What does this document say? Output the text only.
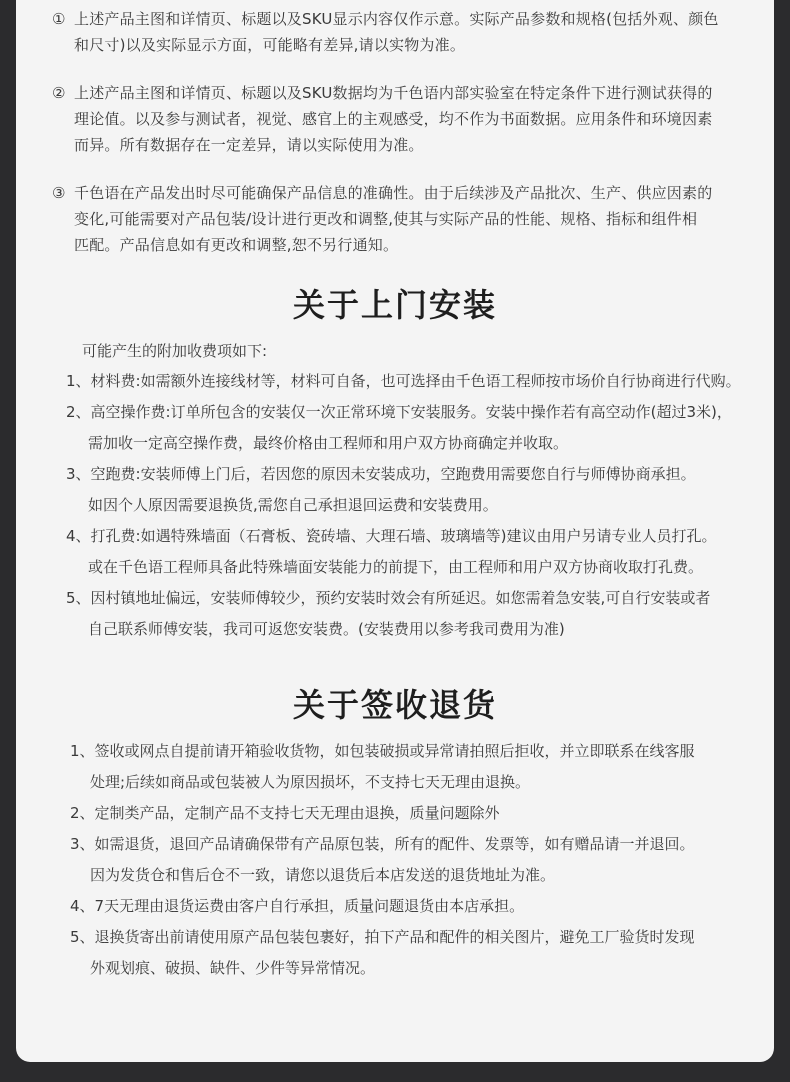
① 上述产品主图和详情页、标题以及SKU显示内容仅作示意。实际产品参数和规格(包括外观、颜色
和尺寸)以及实际显示方面，可能略有差异,请以实物为准。
② 上述产品主图和详情页、标题以及SKU数据均为千色语内部实验室在特定条件下进行测试获得的
理论值。以及参与测试者，视觉、感官上的主观感受，均不作为书面数据。应用条件和环境因素
而异。所有数据存在一定差异，请以实际使用为准。
③ 千色语在产品发出时尽可能确保产品信息的准确性。由于后续涉及产品批次、生产、供应因素的
变化,可能需要对产品包装/设计进行更改和调整,使其与实际产品的性能、规格、指标和组件相
匹配。产品信息如有更改和调整,恕不另行通知。
关于上门安装
可能产生的附加收费项如下:
1、材料费:如需额外连接线材等，材料可自备，也可选择由千色语工程师按市场价自行协商进行代购。
2、高空操作费:订单所包含的安装仅一次正常环境下安装服务。安装中操作若有高空动作(超过3米)，
需加收一定高空操作费，最终价格由工程师和用户双方协商确定并收取。
3、空跑费:安装师傅上门后，若因您的原因未安装成功，空跑费用需要您自行与师傅协商承担。
如因个人原因需要退换货,需您自己承担退回运费和安装费用。
4、打孔费:如遇特殊墙面（石膏板、瓷砖墙、大理石墙、玻璃墙等)建议由用户另请专业人员打孔。
或在千色语工程师具备此特殊墙面安装能力的前提下，由工程师和用户双方协商收取打孔费。
5、因村镇地址偏远，安装师傅较少，预约安装时效会有所延迟。如您需着急安装,可自行安装或者
自己联系师傅安装，我司可返您安装费。(安装费用以参考我司费用为准)
关于签收退货
1、签收或网点自提前请开箱验收货物，如包装破损或异常请拍照后拒收，并立即联系在线客服
处理;后续如商品或包装被人为原因损坏，不支持七天无理由退换。
2、定制类产品，定制产品不支持七天无理由退换，质量问题除外
3、如需退货，退回产品请确保带有产品原包装，所有的配件、发票等，如有赠品请一并退回。
因为发货仓和售后仓不一致，请您以退货后本店发送的退货地址为准。
4、7天无理由退货运费由客户自行承担，质量问题退货由本店承担。
5、退换货寄出前请使用原产品包装包裹好，拍下产品和配件的相关图片，避免工厂验货时发现
外观划痕、破损、缺件、少件等异常情况。
